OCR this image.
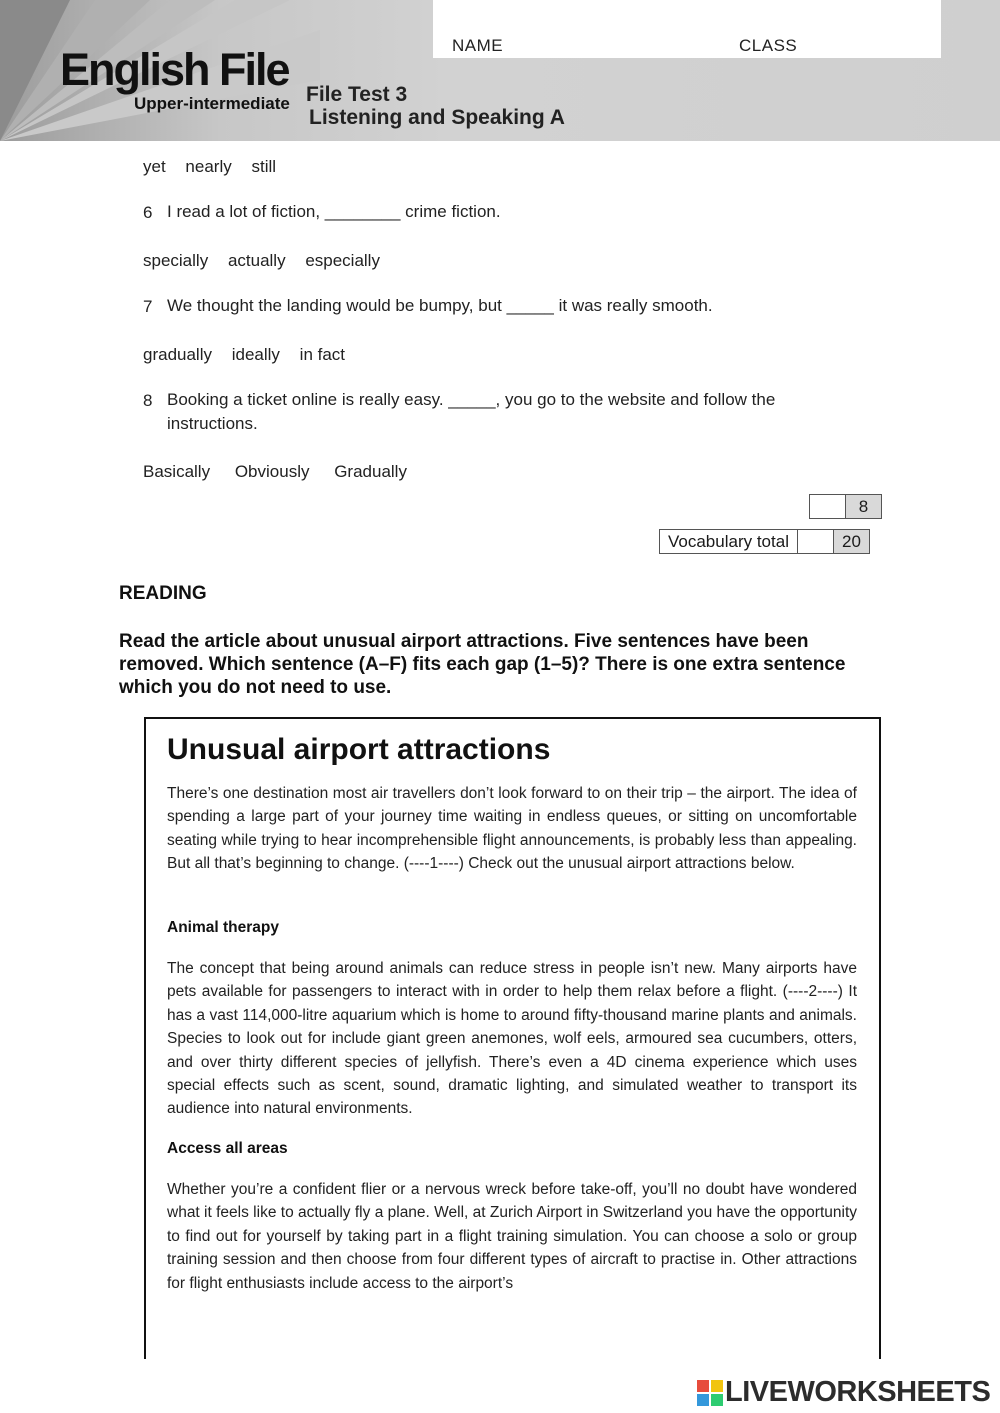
NAME	CLASS
English File
Upper-intermediate File Test 3
Listening and Speaking A
yet nearly still
6 I read a lot of fiction, ________ crime fiction.
specially actually especially
7 We thought the landing would be bumpy, but _____ it was really smooth.
gradually ideally in fact
8 Booking a ticket online is really easy. _____, you go to the website and follow the instructions.
Basically Obviously Gradually
	8
Vocabulary total		20
READING
Read the article about unusual airport attractions. Five sentences have been removed. Which sentence (A–F) fits each gap (1–5)? There is one extra sentence which you do not need to use.
Unusual airport attractions
There’s one destination most air travellers don’t look forward to on their trip – the airport. The idea of spending a large part of your journey time waiting in endless queues, or sitting on uncomfortable seating while trying to hear incomprehensible flight announcements, is probably less than appealing. But all that’s beginning to change. (----1----) Check out the unusual airport attractions below.
Animal therapy
The concept that being around animals can reduce stress in people isn’t new. Many airports have pets available for passengers to interact with in order to help them relax before a flight. (----2----) It has a vast 114,000-litre aquarium which is home to around fifty-thousand marine plants and animals. Species to look out for include giant green anemones, wolf eels, armoured sea cucumbers, otters, and over thirty different species of jellyfish. There’s even a 4D cinema experience which uses special effects such as scent, sound, dramatic lighting, and simulated weather to transport its audience into natural environments.
Access all areas
Whether you’re a confident flier or a nervous wreck before take-off, you’ll no doubt have wondered what it feels like to actually fly a plane. Well, at Zurich Airport in Switzerland you have the opportunity to find out for yourself by taking part in a flight training simulation. You can choose a solo or group training session and then choose from four different types of aircraft to practise in. Other attractions for flight enthusiasts include access to the airport’s
LIVEWORKSHEETS
